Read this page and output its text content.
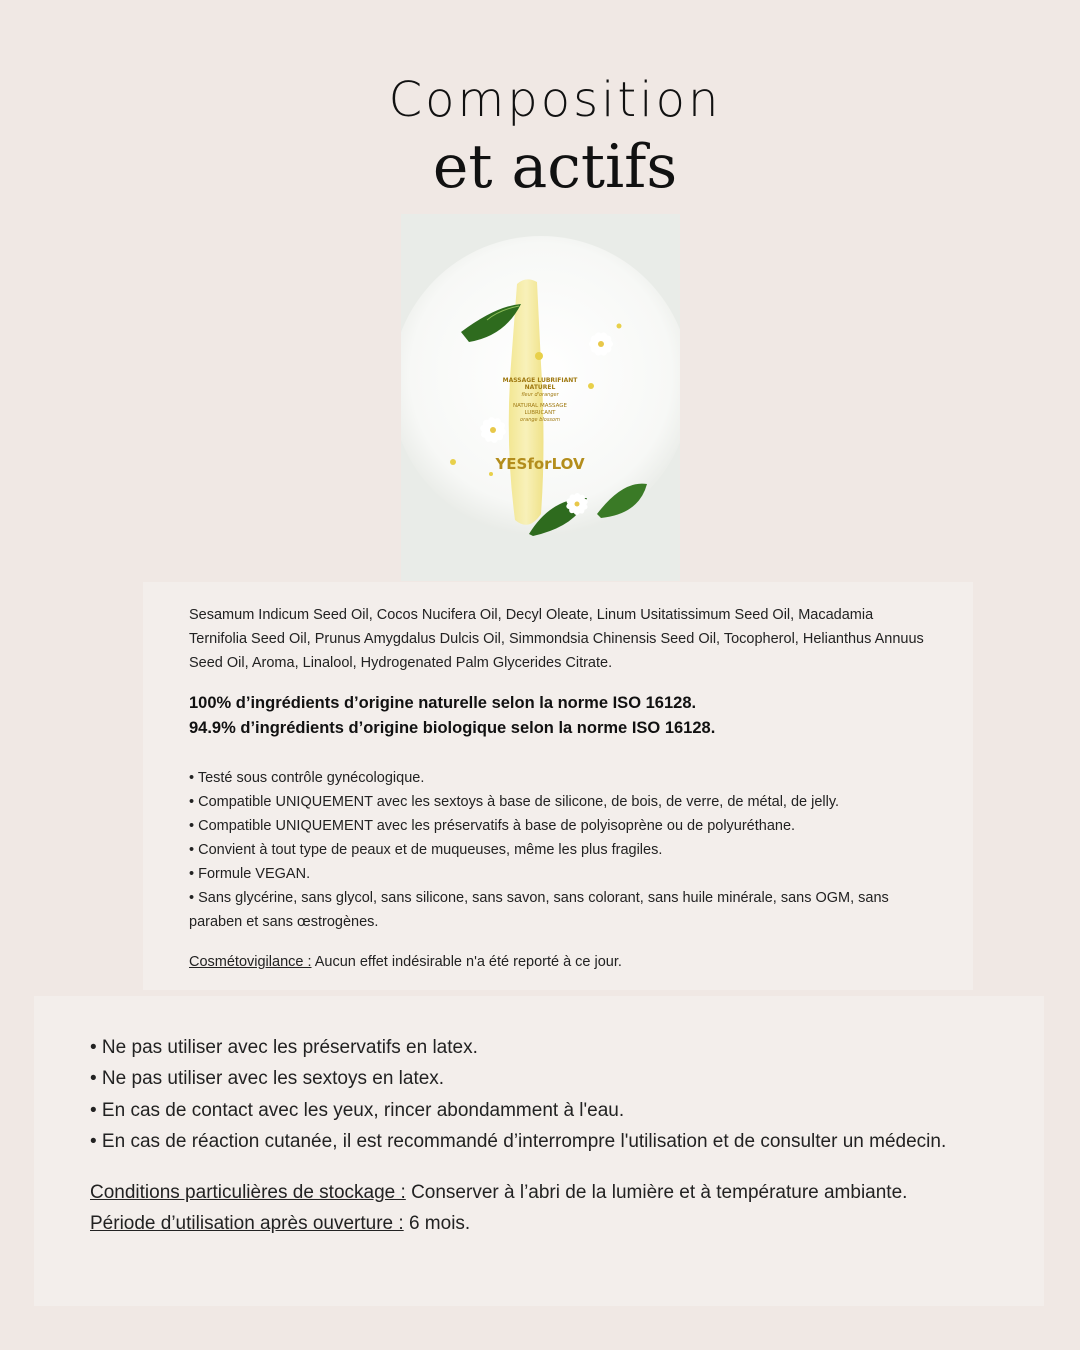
Composition
et actifs
MASSAGE LUBRIFIANT
NATUREL
fleur d'oranger
NATURAL MASSAGE
LUBRICANT
orange blossom
YESforLOV
Sesamum Indicum Seed Oil, Cocos Nucifera Oil, Decyl Oleate, Linum Usitatissimum Seed Oil, Macadamia Ternifolia Seed Oil, Prunus Amygdalus Dulcis Oil, Simmondsia Chinensis Seed Oil, Tocopherol, Helianthus Annuus Seed Oil, Aroma, Linalool, Hydrogenated Palm Glycerides Citrate.
100% d’ingrédients d’origine naturelle selon la norme ISO 16128.
94.9% d’ingrédients d’origine biologique selon la norme ISO 16128.
• Testé sous contrôle gynécologique.
• Compatible UNIQUEMENT avec les sextoys à base de silicone, de bois, de verre, de métal, de jelly.
• Compatible UNIQUEMENT avec les préservatifs à base de polyisoprène ou de polyuréthane.
• Convient à tout type de peaux et de muqueuses, même les plus fragiles.
• Formule VEGAN.
• Sans glycérine, sans glycol, sans silicone, sans savon, sans colorant, sans huile minérale, sans OGM, sans paraben et sans œstrogènes.
Cosmétovigilance : Aucun effet indésirable n'a été reporté à ce jour.
• Ne pas utiliser avec les préservatifs en latex.
• Ne pas utiliser avec les sextoys en latex.
• En cas de contact avec les yeux, rincer abondamment à l'eau.
• En cas de réaction cutanée, il est recommandé d’interrompre l'utilisation et de consulter un médecin.
Conditions particulières de stockage : Conserver à l’abri de la lumière et à température ambiante.
Période d’utilisation après ouverture : 6 mois.
